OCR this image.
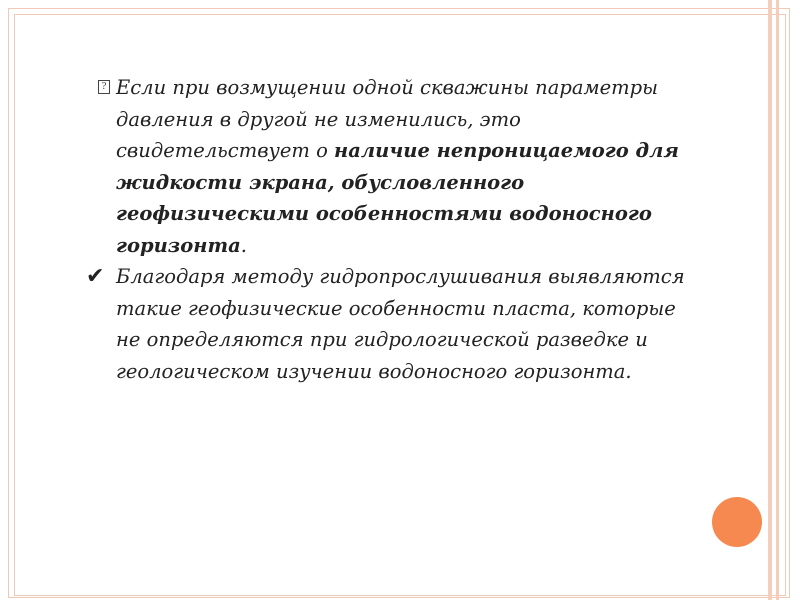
? Если при возмущении одной скважины параметры давления в другой не изменились, это свидетельствует о наличие непроницаемого для жидкости экрана, обусловленного геофизическими особенностями водоносного горизонта.

✔ Благодаря методу гидропрослушивания выявляются такие геофизические особенности пласта, которые не определяются при гидрологической разведке и геологическом изучении водоносного горизонта.
